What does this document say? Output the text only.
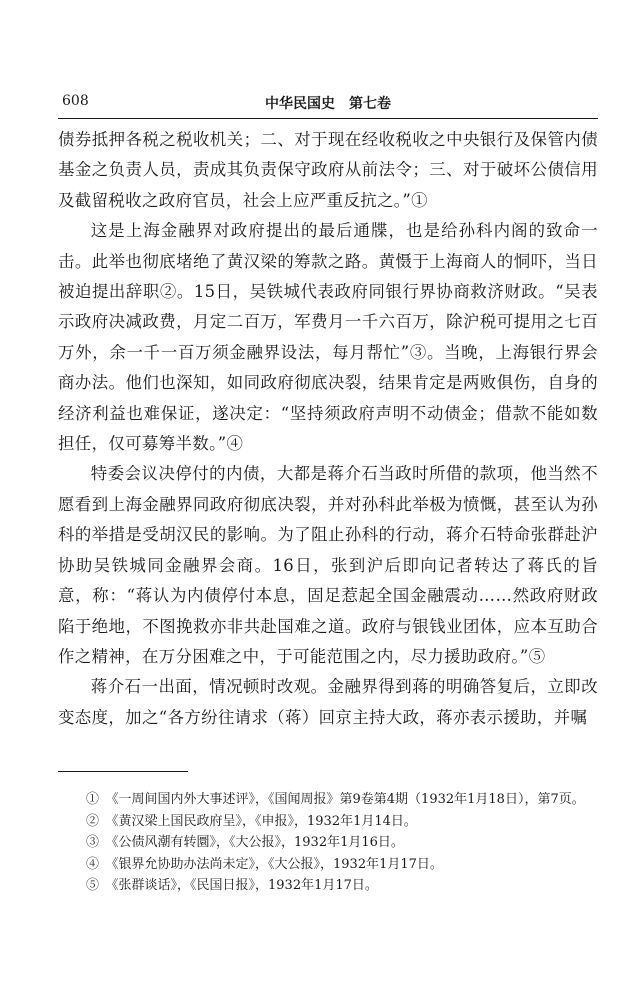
608	中华民国史　第七卷

债券抵押各税之税收机关；二、对于现在经收税收之中央银行及保管内债基金之负责人员，责成其负责保守政府从前法令；三、对于破坏公债信用及截留税收之政府官员，社会上应严重反抗之。”①

这是上海金融界对政府提出的最后通牒，也是给孙科内阁的致命一击。此举也彻底堵绝了黄汉梁的筹款之路。黄慑于上海商人的恫吓，当日被迫提出辞职②。15日，吴铁城代表政府同银行界协商救济财政。“吴表示政府决减政费，月定二百万，军费月一千六百万，除沪税可提用之七百万外，余一千一百万须金融界设法，每月帮忙”③。当晚，上海银行界会商办法。他们也深知，如同政府彻底决裂，结果肯定是两败俱伤，自身的经济利益也难保证，遂决定：“坚持须政府声明不动债金；借款不能如数担任，仅可募筹半数。”④

特委会议决停付的内债，大都是蒋介石当政时所借的款项，他当然不愿看到上海金融界同政府彻底决裂，并对孙科此举极为愤慨，甚至认为孙科的举措是受胡汉民的影响。为了阻止孙科的行动，蒋介石特命张群赴沪协助吴铁城同金融界会商。16日，张到沪后即向记者转达了蒋氏的旨意，称：“蒋认为内债停付本息，固足惹起全国金融震动……然政府财政陷于绝地，不图挽救亦非共赴国难之道。政府与银钱业团体，应本互助合作之精神，在万分困难之中，于可能范围之内，尽力援助政府。”⑤

蒋介石一出面，情况顿时改观。金融界得到蒋的明确答复后，立即改变态度，加之“各方纷往请求（蒋）回京主持大政，蒋亦表示援助，并嘱

①　《一周间国内外大事述评》，《国闻周报》第9卷第4期（1932年1月18日），第7页。

②　《黄汉梁上国民政府呈》，《申报》，1932年1月14日。

③　《公债风潮有转圜》，《大公报》，1932年1月16日。

④　《银界允协助办法尚未定》，《大公报》，1932年1月17日。

⑤　《张群谈话》，《民国日报》，1932年1月17日。
